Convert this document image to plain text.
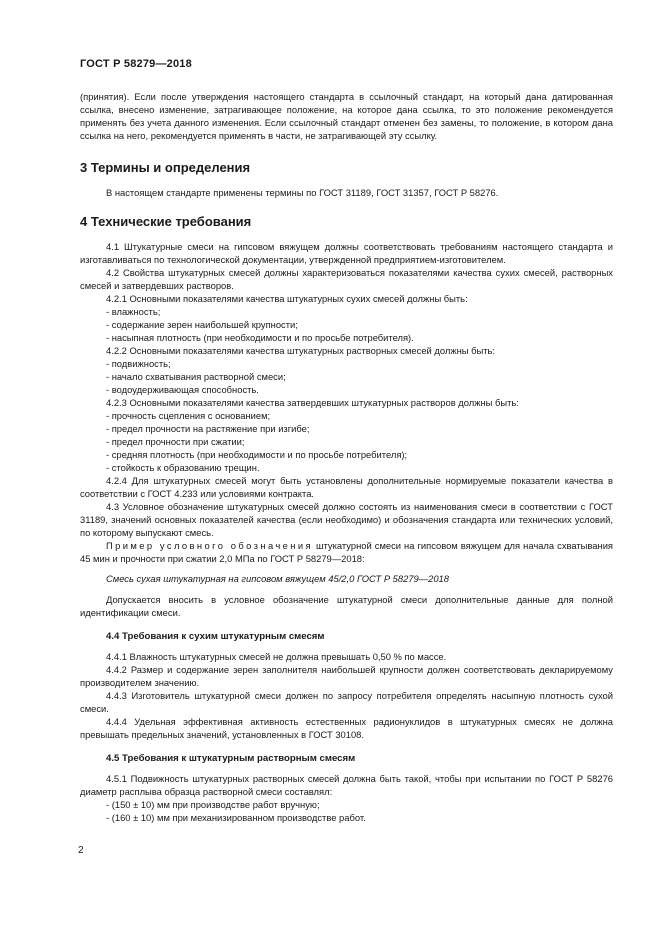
ГОСТ Р 58279—2018

(принятия). Если после утверждения настоящего стандарта в ссылочный стандарт, на который дана датированная ссылка, внесено изменение, затрагивающее положение, на которое дана ссылка, то это положение рекомендуется применять без учета данного изменения. Если ссылочный стандарт отменен без замены, то положение, в котором дана ссылка на него, рекомендуется применять в части, не затрагивающей эту ссылку.

3 Термины и определения

В настоящем стандарте применены термины по ГОСТ 31189, ГОСТ 31357, ГОСТ Р 58276.

4 Технические требования

4.1 Штукатурные смеси на гипсовом вяжущем должны соответствовать требованиям настоящего стандарта и изготавливаться по технологической документации, утвержденной предприятием-изготовителем.

4.2 Свойства штукатурных смесей должны характеризоваться показателями качества сухих смесей, растворных смесей и затвердевших растворов.

4.2.1 Основными показателями качества штукатурных сухих смесей должны быть:

- влажность;

- содержание зерен наибольшей крупности;

- насыпная плотность (при необходимости и по просьбе потребителя).

4.2.2 Основными показателями качества штукатурных растворных смесей должны быть:

- подвижность;

- начало схватывания растворной смеси;

- водоудерживающая способность.

4.2.3 Основными показателями качества затвердевших штукатурных растворов должны быть:

- прочность сцепления с основанием;

- предел прочности на растяжение при изгибе;

- предел прочности при сжатии;

- средняя плотность (при необходимости и по просьбе потребителя);

- стойкость к образованию трещин.

4.2.4 Для штукатурных смесей могут быть установлены дополнительные нормируемые показатели качества в соответствии с ГОСТ 4.233 или условиями контракта.

4.3 Условное обозначение штукатурных смесей должно состоять из наименования смеси в соответствии с ГОСТ 31189, значений основных показателей качества (если необходимо) и обозначения стандарта или технических условий, по которому выпускают смесь.

Пример условного обозначения штукатурной смеси на гипсовом вяжущем для начала схватывания 45 мин и прочности при сжатии 2,0 МПа по ГОСТ Р 58279—2018:

Смесь сухая штукатурная на гипсовом вяжущем 45/2,0 ГОСТ Р 58279—2018

Допускается вносить в условное обозначение штукатурной смеси дополнительные данные для полной идентификации смеси.

4.4 Требования к сухим штукатурным смесям

4.4.1 Влажность штукатурных смесей не должна превышать 0,50 % по массе.

4.4.2 Размер и содержание зерен заполнителя наибольшей крупности должен соответствовать декларируемому производителем значению.

4.4.3 Изготовитель штукатурной смеси должен по запросу потребителя определять насыпную плотность сухой смеси.

4.4.4 Удельная эффективная активность естественных радионуклидов в штукатурных смесях не должна превышать предельных значений, установленных в ГОСТ 30108.

4.5 Требования к штукатурным растворным смесям

4.5.1 Подвижность штукатурных растворных смесей должна быть такой, чтобы при испытании по ГОСТ Р 58276 диаметр расплыва образца растворной смеси составлял:

- (150 ± 10) мм при производстве работ вручную;

- (160 ± 10) мм при механизированном производстве работ.

2
